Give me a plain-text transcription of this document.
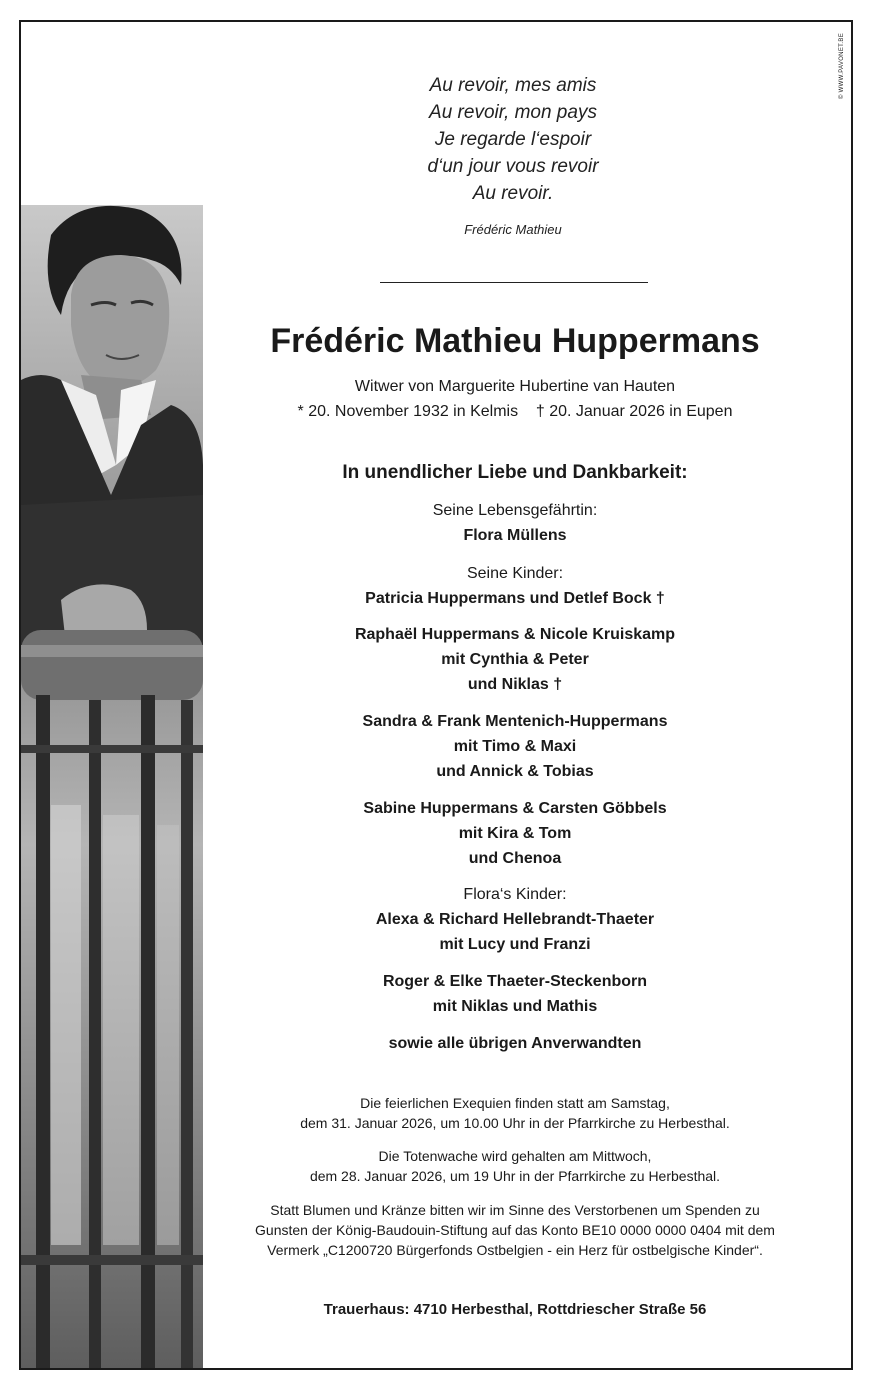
© WWW.PAVONET.BE
Au revoir, mes amis
Au revoir, mon pays
Je regarde l‘espoir
d‘un jour vous revoir
Au revoir.
Frédéric Mathieu
Frédéric Mathieu Huppermans
Witwer von Marguerite Hubertine van Hauten
* 20. November 1932 in Kelmis    † 20. Januar 2026 in Eupen
In unendlicher Liebe und Dankbarkeit:
Seine Lebensgefährtin:
Flora Müllens
Seine Kinder:
Patricia Huppermans und Detlef Bock †
Raphaël Huppermans & Nicole Kruiskamp
mit Cynthia & Peter
und Niklas †
Sandra & Frank Mentenich-Huppermans
mit Timo & Maxi
und Annick & Tobias
Sabine Huppermans & Carsten Göbbels
mit Kira & Tom
und Chenoa
Flora‘s Kinder:
Alexa & Richard Hellebrandt-Thaeter
mit Lucy und Franzi
Roger & Elke Thaeter-Steckenborn
mit Niklas und Mathis
sowie alle übrigen Anverwandten
Die feierlichen Exequien finden statt am Samstag,
dem 31. Januar 2026, um 10.00 Uhr in der Pfarrkirche zu Herbesthal.
Die Totenwache wird gehalten am Mittwoch,
dem 28. Januar 2026, um 19 Uhr in der Pfarrkirche zu Herbesthal.
Statt Blumen und Kränze bitten wir im Sinne des Verstorbenen um Spenden zu
Gunsten der König-Baudouin-Stiftung auf das Konto BE10 0000 0000 0404 mit dem
Vermerk „C1200720 Bürgerfonds Ostbelgien - ein Herz für ostbelgische Kinder“.
Trauerhaus: 4710 Herbesthal, Rottdriescher Straße 56
